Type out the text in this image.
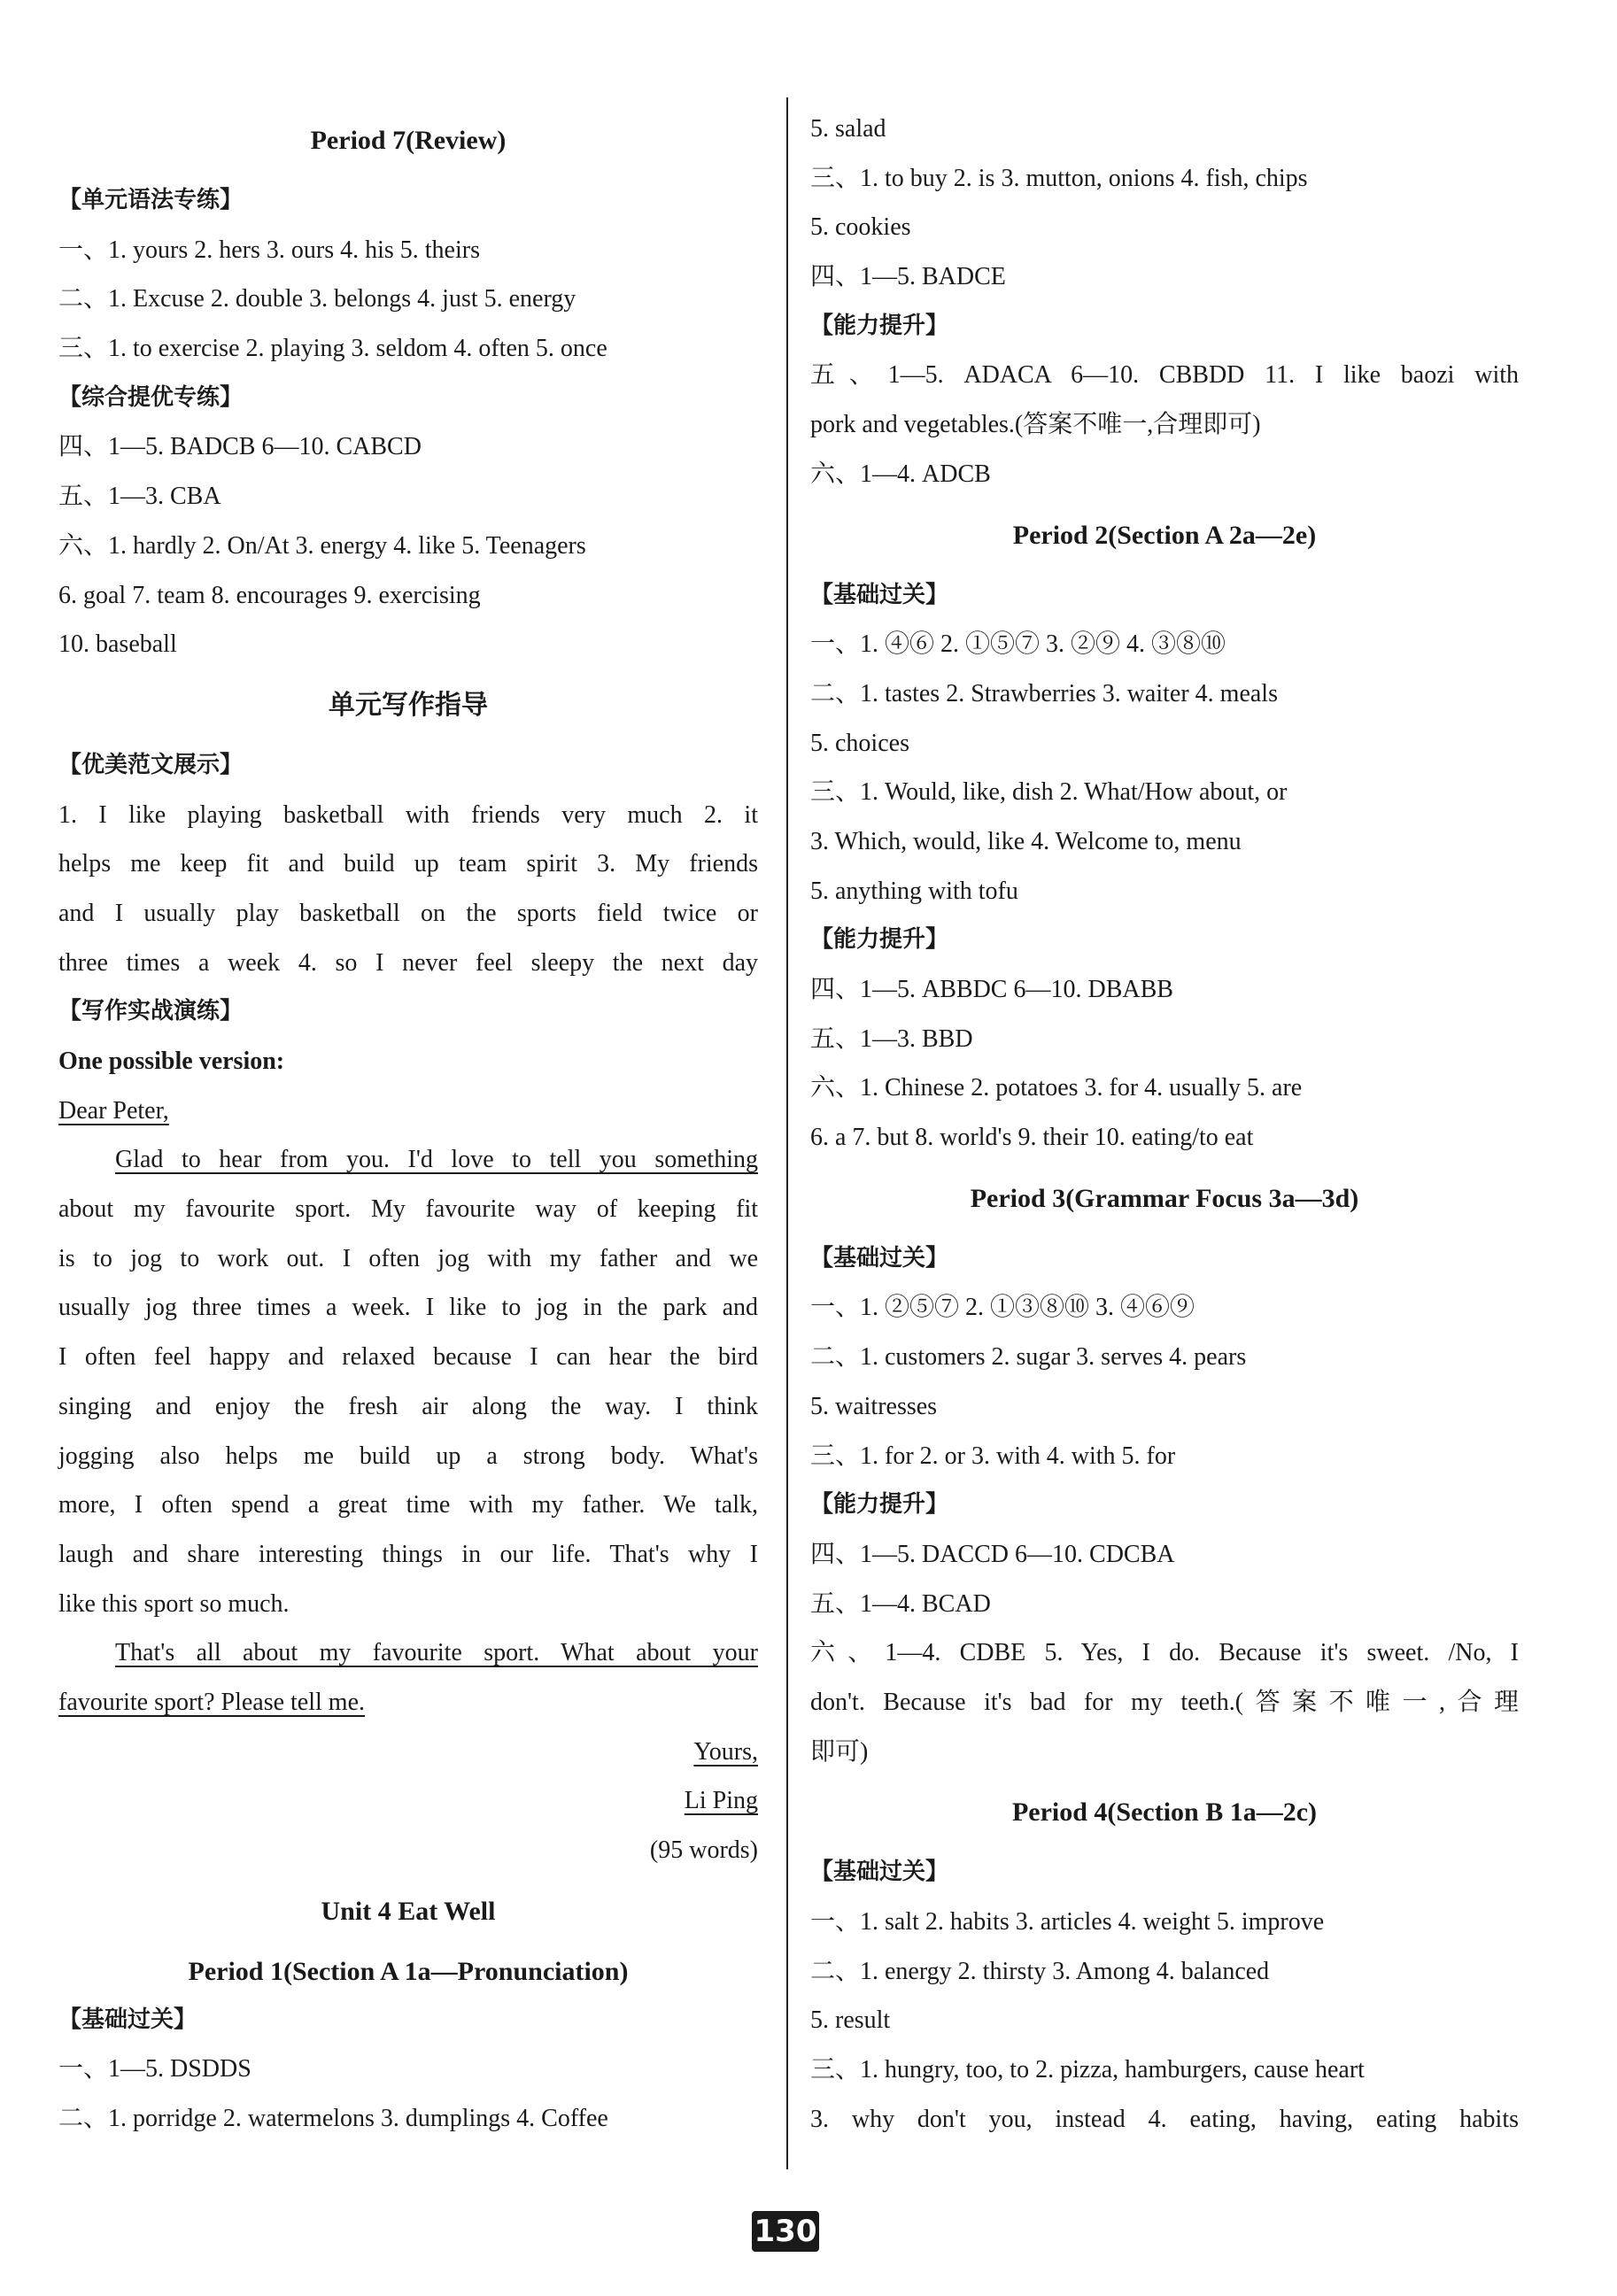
Period 7(Review)
【单元语法专练】
一、1. yours 2. hers 3. ours 4. his 5. theirs
二、1. Excuse 2. double 3. belongs 4. just 5. energy
三、1. to exercise 2. playing 3. seldom 4. often 5. once
【综合提优专练】
四、1—5. BADCB 6—10. CABCD
五、1—3. CBA
六、1. hardly 2. On/At 3. energy 4. like 5. Teenagers
6. goal 7. team 8. encourages 9. exercising
10. baseball
单元写作指导
【优美范文展示】
1. I like playing basketball with friends very much 2. it
helps me keep fit and build up team spirit 3. My friends
and I usually play basketball on the sports field twice or
three times a week 4. so I never feel sleepy the next day
【写作实战演练】
One possible version:
Dear Peter,
Glad to hear from you. I'd love to tell you something
about my favourite sport. My favourite way of keeping fit
is to jog to work out. I often jog with my father and we
usually jog three times a week. I like to jog in the park and
I often feel happy and relaxed because I can hear the bird
singing and enjoy the fresh air along the way. I think
jogging also helps me build up a strong body. What's
more, I often spend a great time with my father. We talk,
laugh and share interesting things in our life. That's why I
like this sport so much.
That's all about my favourite sport. What about your
favourite sport? Please tell me.
Yours,
Li Ping
(95 words)
Unit 4 Eat Well
Period 1(Section A 1a—Pronunciation)
【基础过关】
一、1—5. DSDDS
二、1. porridge 2. watermelons 3. dumplings 4. Coffee
5. salad
三、1. to buy 2. is 3. mutton, onions 4. fish, chips
5. cookies
四、1—5. BADCE
【能力提升】
五、1—5. ADACA 6—10. CBBDD 11. I like baozi with
pork and vegetables.(答案不唯一,合理即可)
六、1—4. ADCB
Period 2(Section A 2a—2e)
【基础过关】
一、1. ④⑥ 2. ①⑤⑦ 3. ②⑨ 4. ③⑧⑩
二、1. tastes 2. Strawberries 3. waiter 4. meals
5. choices
三、1. Would, like, dish 2. What/How about, or
3. Which, would, like 4. Welcome to, menu
5. anything with tofu
【能力提升】
四、1—5. ABBDC 6—10. DBABB
五、1—3. BBD
六、1. Chinese 2. potatoes 3. for 4. usually 5. are
6. a 7. but 8. world's 9. their 10. eating/to eat
Period 3(Grammar Focus 3a—3d)
【基础过关】
一、1. ②⑤⑦ 2. ①③⑧⑩ 3. ④⑥⑨
二、1. customers 2. sugar 3. serves 4. pears
5. waitresses
三、1. for 2. or 3. with 4. with 5. for
【能力提升】
四、1—5. DACCD 6—10. CDCBA
五、1—4. BCAD
六、1—4. CDBE 5. Yes, I do. Because it's sweet. /No, I
don't. Because it's bad for my teeth.(答案不唯一,合理
即可)
Period 4(Section B 1a—2c)
【基础过关】
一、1. salt 2. habits 3. articles 4. weight 5. improve
二、1. energy 2. thirsty 3. Among 4. balanced
5. result
三、1. hungry, too, to 2. pizza, hamburgers, cause heart
3. why don't you, instead 4. eating, having, eating habits
130
